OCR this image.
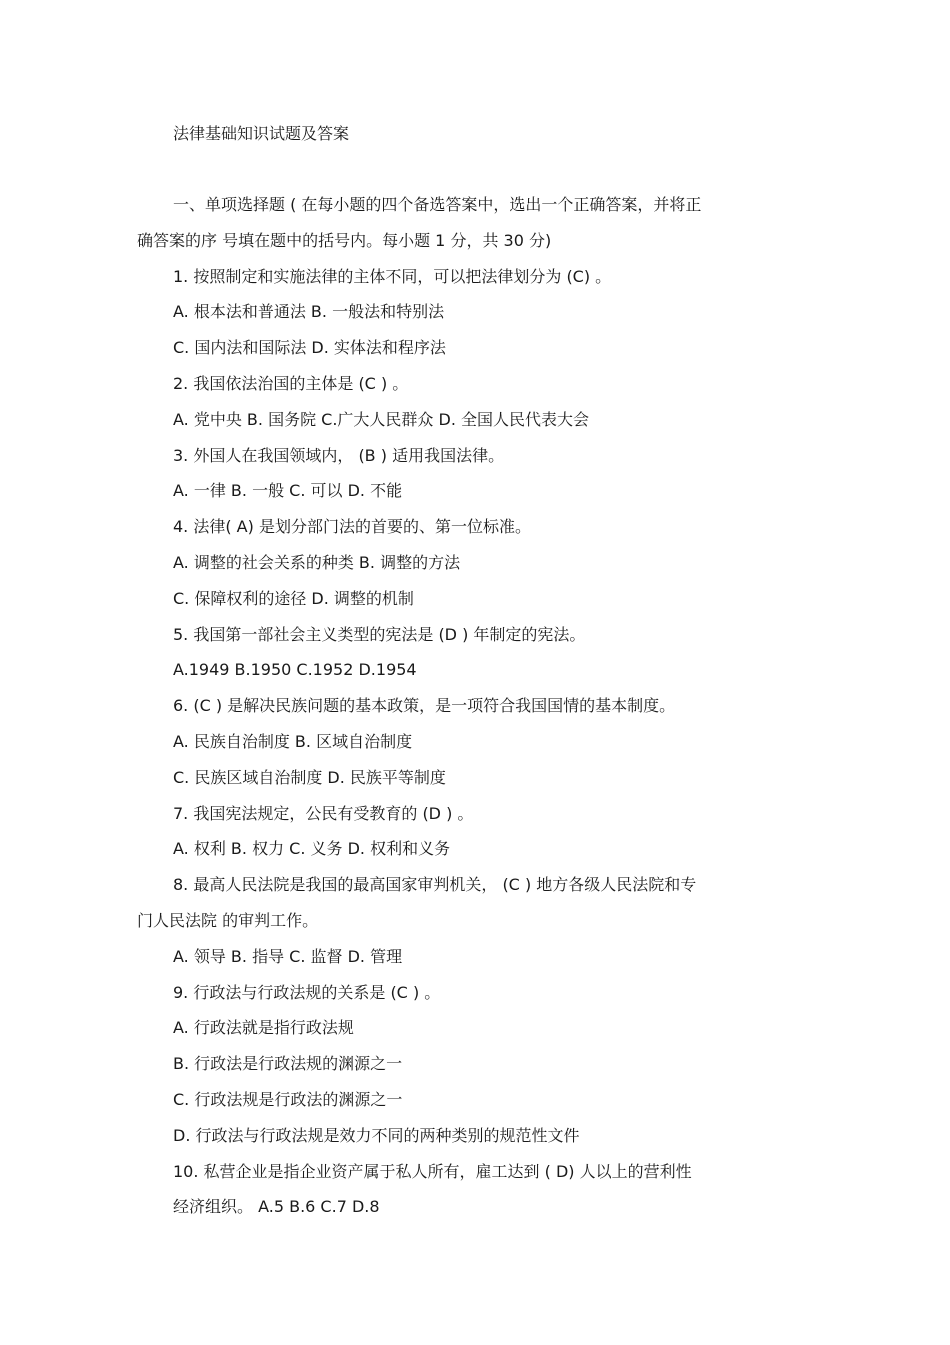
法律基础知识试题及答案
一、单项选择题 ( 在每小题的四个备选答案中，选出一个正确答案，并将正
确答案的序 号填在题中的括号内。每小题 1 分，共 30 分)
1. 按照制定和实施法律的主体不同，可以把法律划分为 (C) 。
A. 根本法和普通法 B. 一般法和特别法
C. 国内法和国际法 D. 实体法和程序法
2. 我国依法治国的主体是 (C ) 。
A. 党中央 B. 国务院 C.广大人民群众 D. 全国人民代表大会
3. 外国人在我国领域内， (B ) 适用我国法律。
A. 一律 B. 一般 C. 可以 D. 不能
4. 法律( A) 是划分部门法的首要的、第一位标准。
A. 调整的社会关系的种类 B. 调整的方法
C. 保障权利的途径 D. 调整的机制
5. 我国第一部社会主义类型的宪法是 (D ) 年制定的宪法。
A.1949 B.1950 C.1952 D.1954
6. (C ) 是解决民族问题的基本政策，是一项符合我国国情的基本制度。
A. 民族自治制度 B. 区域自治制度
C. 民族区域自治制度 D. 民族平等制度
7. 我国宪法规定，公民有受教育的 (D ) 。
A. 权利 B. 权力 C. 义务 D. 权利和义务
8. 最高人民法院是我国的最高国家审判机关， (C ) 地方各级人民法院和专
门人民法院 的审判工作。
A. 领导 B. 指导 C. 监督 D. 管理
9. 行政法与行政法规的关系是 (C ) 。
A. 行政法就是指行政法规
B. 行政法是行政法规的渊源之一
C. 行政法规是行政法的渊源之一
D. 行政法与行政法规是效力不同的两种类别的规范性文件
10. 私营企业是指企业资产属于私人所有，雇工达到 ( D) 人以上的营利性
经济组织。 A.5 B.6 C.7 D.8
